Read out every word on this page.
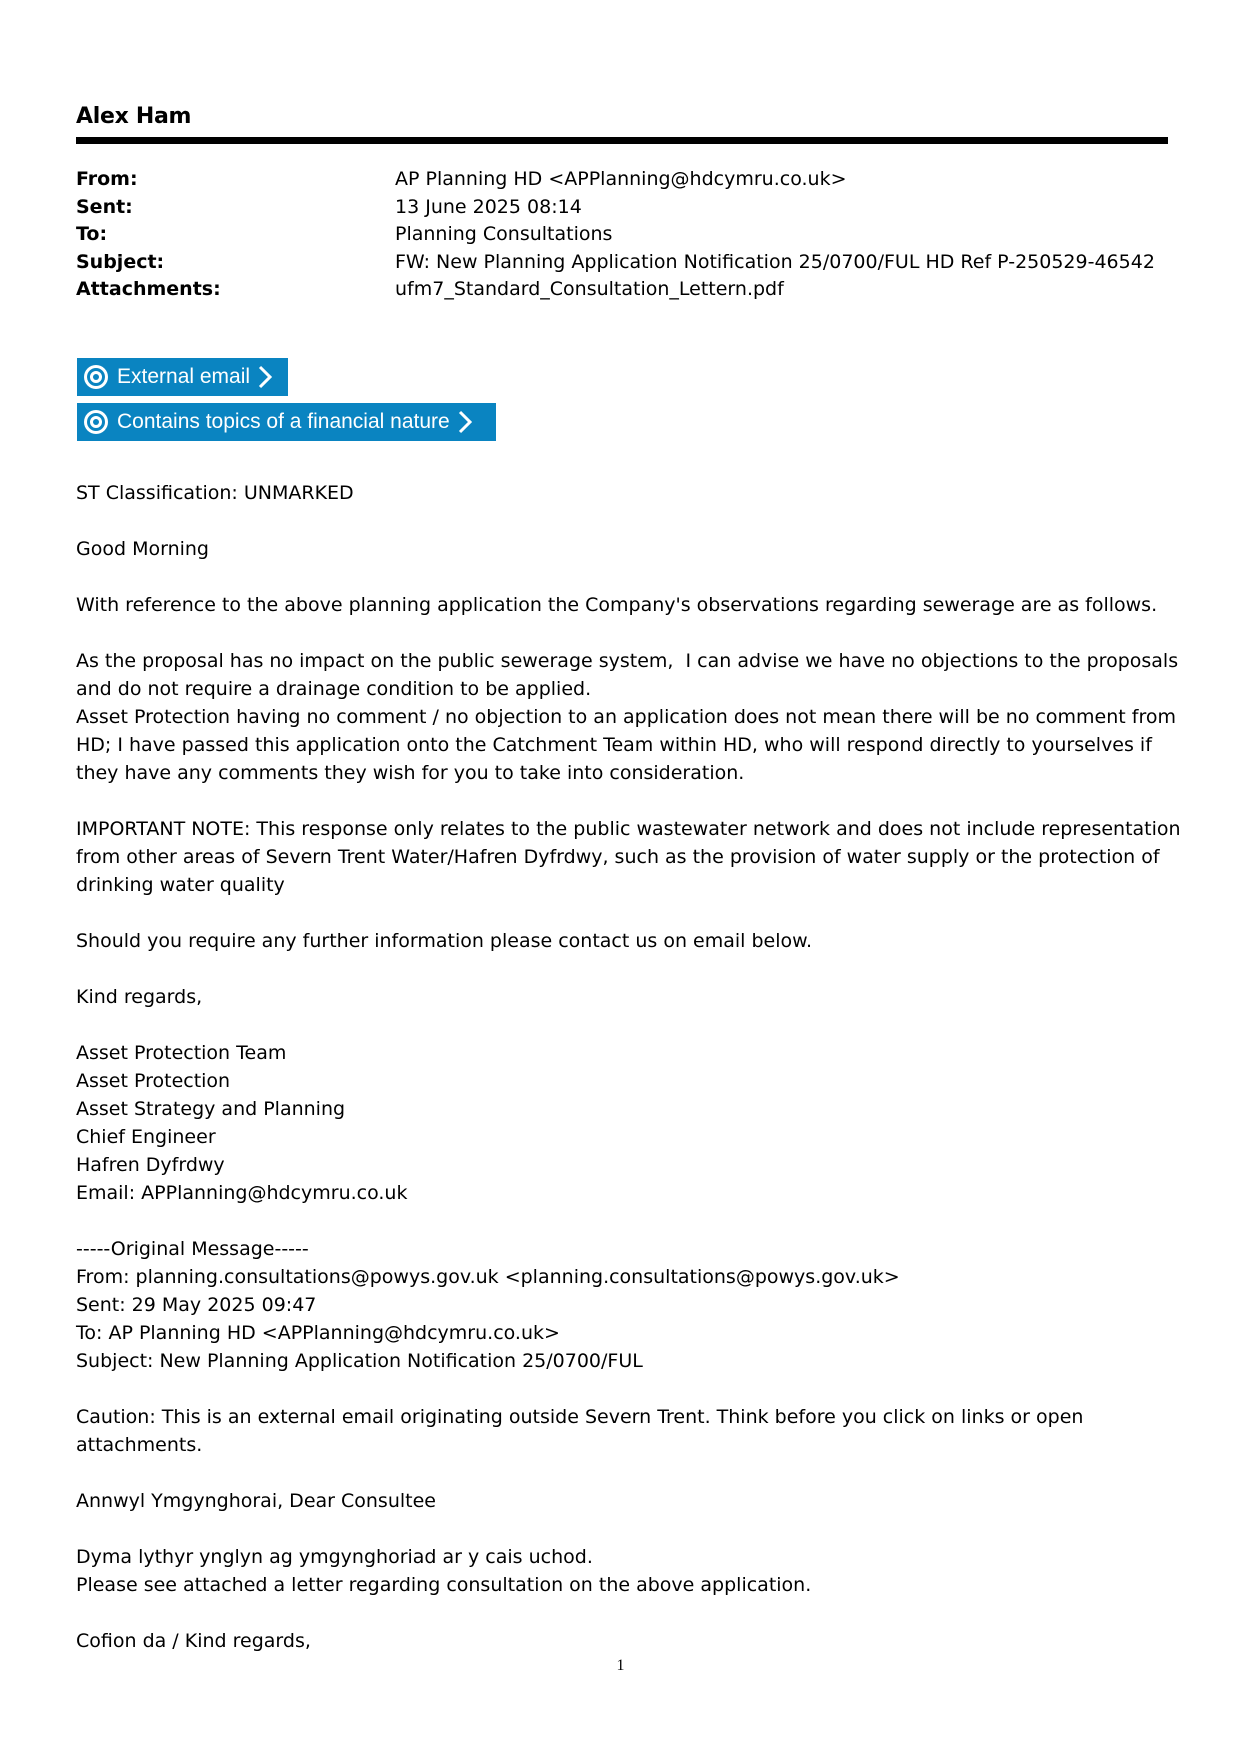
Alex Ham
From:	AP Planning HD <APPlanning@hdcymru.co.uk>
Sent:	13 June 2025 08:14
To:	Planning Consultations
Subject:	FW: New Planning Application Notification 25/0700/FUL HD Ref P-250529-46542
Attachments:	ufm7_Standard_Consultation_Lettern.pdf
External email
Contains topics of a financial nature

ST Classification: UNMARKED

Good Morning

With reference to the above planning application the Company's observations regarding sewerage are as follows.

As the proposal has no impact on the public sewerage system,  I can advise we have no objections to the proposals and do not require a drainage condition to be applied.

Asset Protection having no comment / no objection to an application does not mean there will be no comment from HD; I have passed this application onto the Catchment Team within HD, who will respond directly to yourselves if they have any comments they wish for you to take into consideration.

IMPORTANT NOTE: This response only relates to the public wastewater network and does not include representation from other areas of Severn Trent Water/Hafren Dyfrdwy, such as the provision of water supply or the protection of drinking water quality

Should you require any further information please contact us on email below.

Kind regards,

Asset Protection Team

Asset Protection

Asset Strategy and Planning

Chief Engineer

Hafren Dyfrdwy

Email: APPlanning@hdcymru.co.uk

-----Original Message-----

From: planning.consultations@powys.gov.uk <planning.consultations@powys.gov.uk>

Sent: 29 May 2025 09:47

To: AP Planning HD <APPlanning@hdcymru.co.uk>

Subject: New Planning Application Notification 25/0700/FUL

Caution: This is an external email originating outside Severn Trent. Think before you click on links or open attachments.

Annwyl Ymgynghorai, Dear Consultee

Dyma lythyr ynglyn ag ymgynghoriad ar y cais uchod.

Please see attached a letter regarding consultation on the above application.

Cofion da / Kind regards,

1
